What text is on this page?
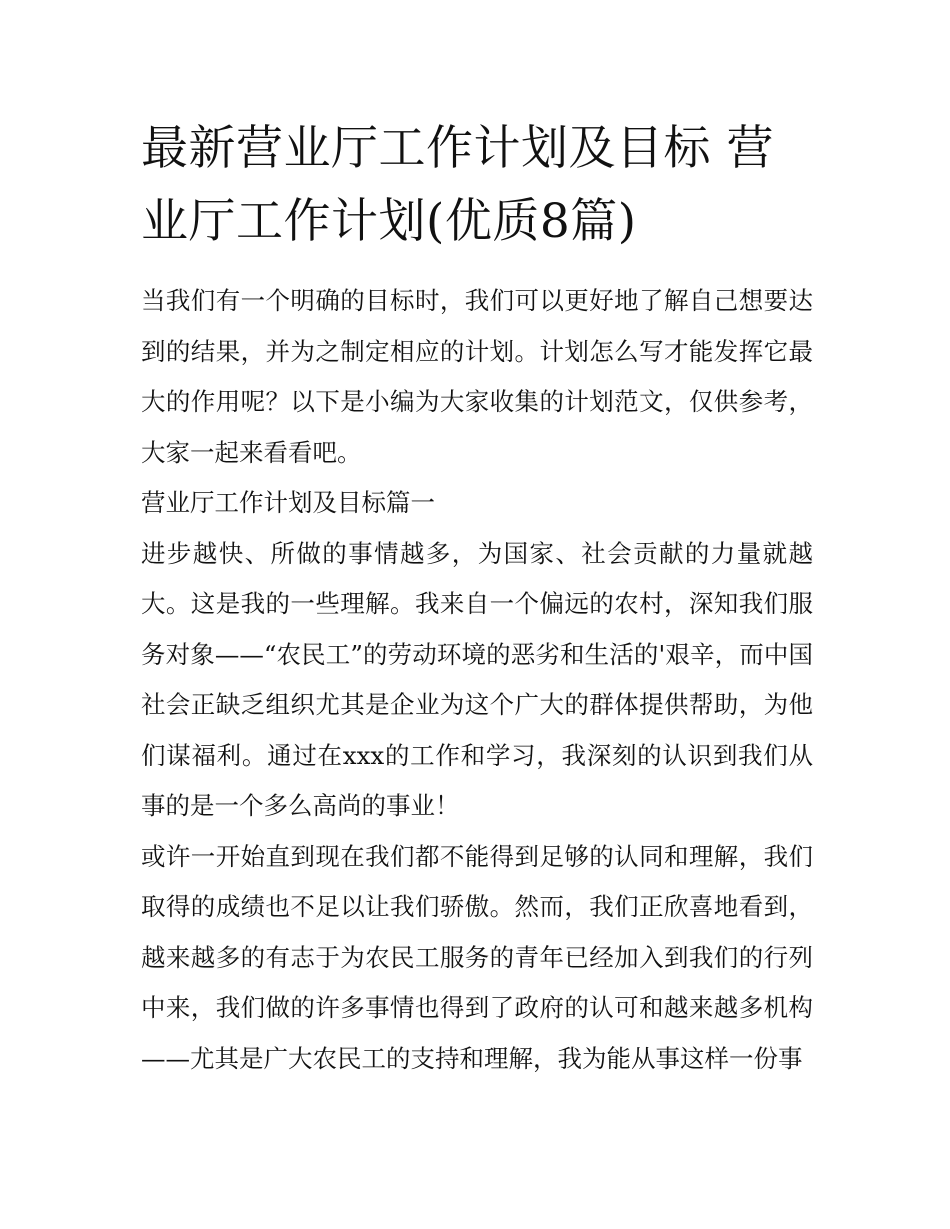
最新营业厅工作计划及目标 营业厅工作计划(优质8篇)

当我们有一个明确的目标时，我们可以更好地了解自己想要达到的结果，并为之制定相应的计划。计划怎么写才能发挥它最大的作用呢？以下是小编为大家收集的计划范文，仅供参考，大家一起来看看吧。

营业厅工作计划及目标篇一

进步越快、所做的事情越多，为国家、社会贡献的力量就越大。这是我的一些理解。我来自一个偏远的农村，深知我们服务对象——“农民工”的劳动环境的恶劣和生活的'艰辛，而中国社会正缺乏组织尤其是企业为这个广大的群体提供帮助，为他们谋福利。通过在xxx的工作和学习，我深刻的认识到我们从事的是一个多么高尚的事业！

或许一开始直到现在我们都不能得到足够的认同和理解，我们取得的成绩也不足以让我们骄傲。然而，我们正欣喜地看到，越来越多的有志于为农民工服务的青年已经加入到我们的行列中来，我们做的许多事情也得到了政府的认可和越来越多机构——尤其是广大农民工的支持和理解，我为能从事这样一份事
